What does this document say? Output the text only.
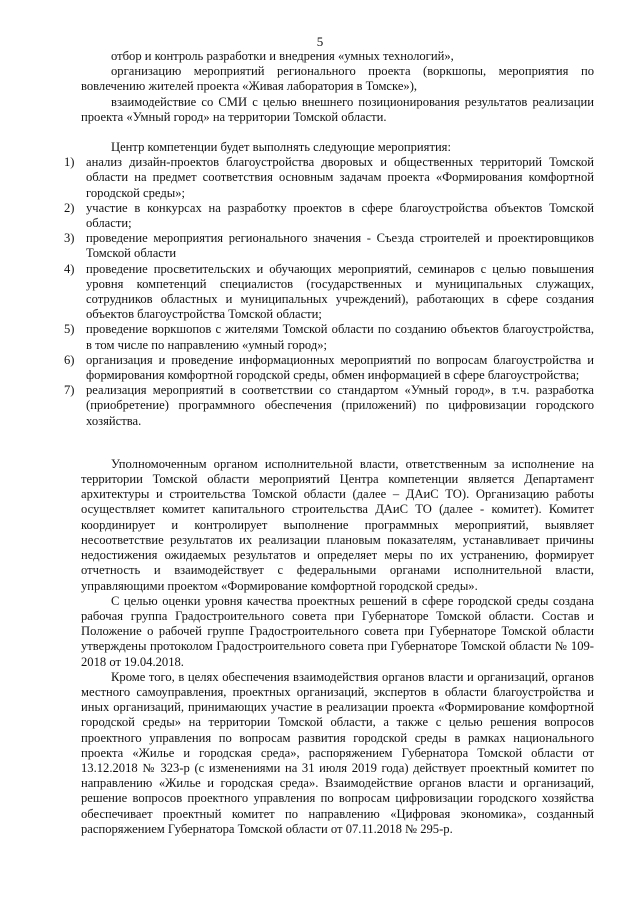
5

отбор и контроль разработки и внедрения «умных технологий»,

организацию мероприятий регионального проекта (воркшопы, мероприятия по вовлечению жителей проекта «Живая лаборатория в Томске»),

взаимодействие со СМИ с целью внешнего позиционирования результатов реализации проекта «Умный город» на территории Томской области.

Центр компетенции будет выполнять следующие мероприятия:

1) анализ дизайн-проектов благоустройства дворовых и общественных территорий Томской области на предмет соответствия основным задачам проекта «Формирования комфортной городской среды»;
2) участие в конкурсах на разработку проектов в сфере благоустройства объектов Томской области;
3) проведение мероприятия регионального значения - Съезда строителей и проектировщиков Томской области
4) проведение просветительских и обучающих мероприятий, семинаров с целью повышения уровня компетенций специалистов (государственных и муниципальных служащих, сотрудников областных и муниципальных учреждений), работающих в сфере создания объектов благоустройства Томской области;
5) проведение воркшопов с жителями Томской области по созданию объектов благоустройства, в том числе по направлению «умный город»;
6) организация и проведение информационных мероприятий по вопросам благоустройства и формирования комфортной городской среды, обмен информацией в сфере благоустройства;
7) реализация мероприятий в соответствии со стандартом «Умный город», в т.ч. разработка (приобретение) программного обеспечения (приложений) по цифровизации городского хозяйства.

Уполномоченным органом исполнительной власти, ответственным за исполнение на территории Томской области мероприятий Центра компетенции является Департамент архитектуры и строительства Томской области (далее – ДАиС ТО). Организацию работы осуществляет комитет капитального строительства ДАиС ТО (далее - комитет). Комитет координирует и контролирует выполнение программных мероприятий, выявляет несоответствие результатов их реализации плановым показателям, устанавливает причины недостижения ожидаемых результатов и определяет меры по их устранению, формирует отчетность и взаимодействует с федеральными органами исполнительной власти, управляющими проектом «Формирование комфортной городской среды».

С целью оценки уровня качества проектных решений в сфере городской среды создана рабочая группа Градостроительного совета при Губернаторе Томской области. Состав и Положение о рабочей группе Градостроительного совета при Губернаторе Томской области утверждены протоколом Градостроительного совета при Губернаторе Томской области № 109-2018 от 19.04.2018.

Кроме того, в целях обеспечения взаимодействия органов власти и организаций, органов местного самоуправления, проектных организаций, экспертов в области благоустройства и иных организаций, принимающих участие в реализации проекта «Формирование комфортной городской среды» на территории Томской области, а также с целью решения вопросов проектного управления по вопросам развития городской среды в рамках национального проекта «Жилье и городская среда», распоряжением Губернатора Томской области от 13.12.2018 № 323-р (с изменениями на 31 июля 2019 года) действует проектный комитет по направлению «Жилье и городская среда». Взаимодействие органов власти и организаций, решение вопросов проектного управления по вопросам цифровизации городского хозяйства обеспечивает проектный комитет по направлению «Цифровая экономика», созданный распоряжением Губернатора Томской области от 07.11.2018 № 295-р.
